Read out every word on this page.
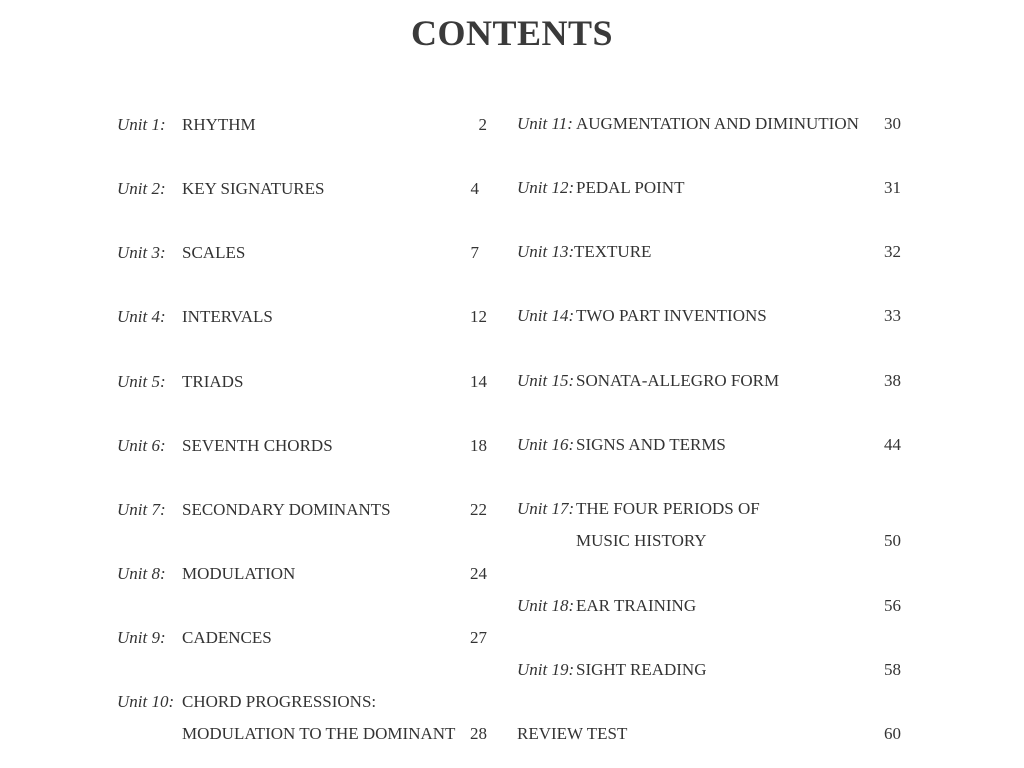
CONTENTS
Unit 1: RHYTHM	2
Unit 2: KEY SIGNATURES	4
Unit 3: SCALES	7
Unit 4: INTERVALS	12
Unit 5: TRIADS	14
Unit 6: SEVENTH CHORDS	18
Unit 7: SECONDARY DOMINANTS	22
Unit 8: MODULATION	24
Unit 9: CADENCES	27
Unit 10: CHORD PROGRESSIONS:
MODULATION TO THE DOMINANT 28
Unit 11: AUGMENTATION AND DIMINUTION	30
Unit 12: PEDAL POINT	31
Unit 13: TEXTURE	32
Unit 14: TWO PART INVENTIONS	33
Unit 15: SONATA-ALLEGRO FORM	38
Unit 16: SIGNS AND TERMS	44
Unit 17: THE FOUR PERIODS OF
MUSIC HISTORY	50
Unit 18: EAR TRAINING	56
Unit 19: SIGHT READING	58
REVIEW TEST	60
